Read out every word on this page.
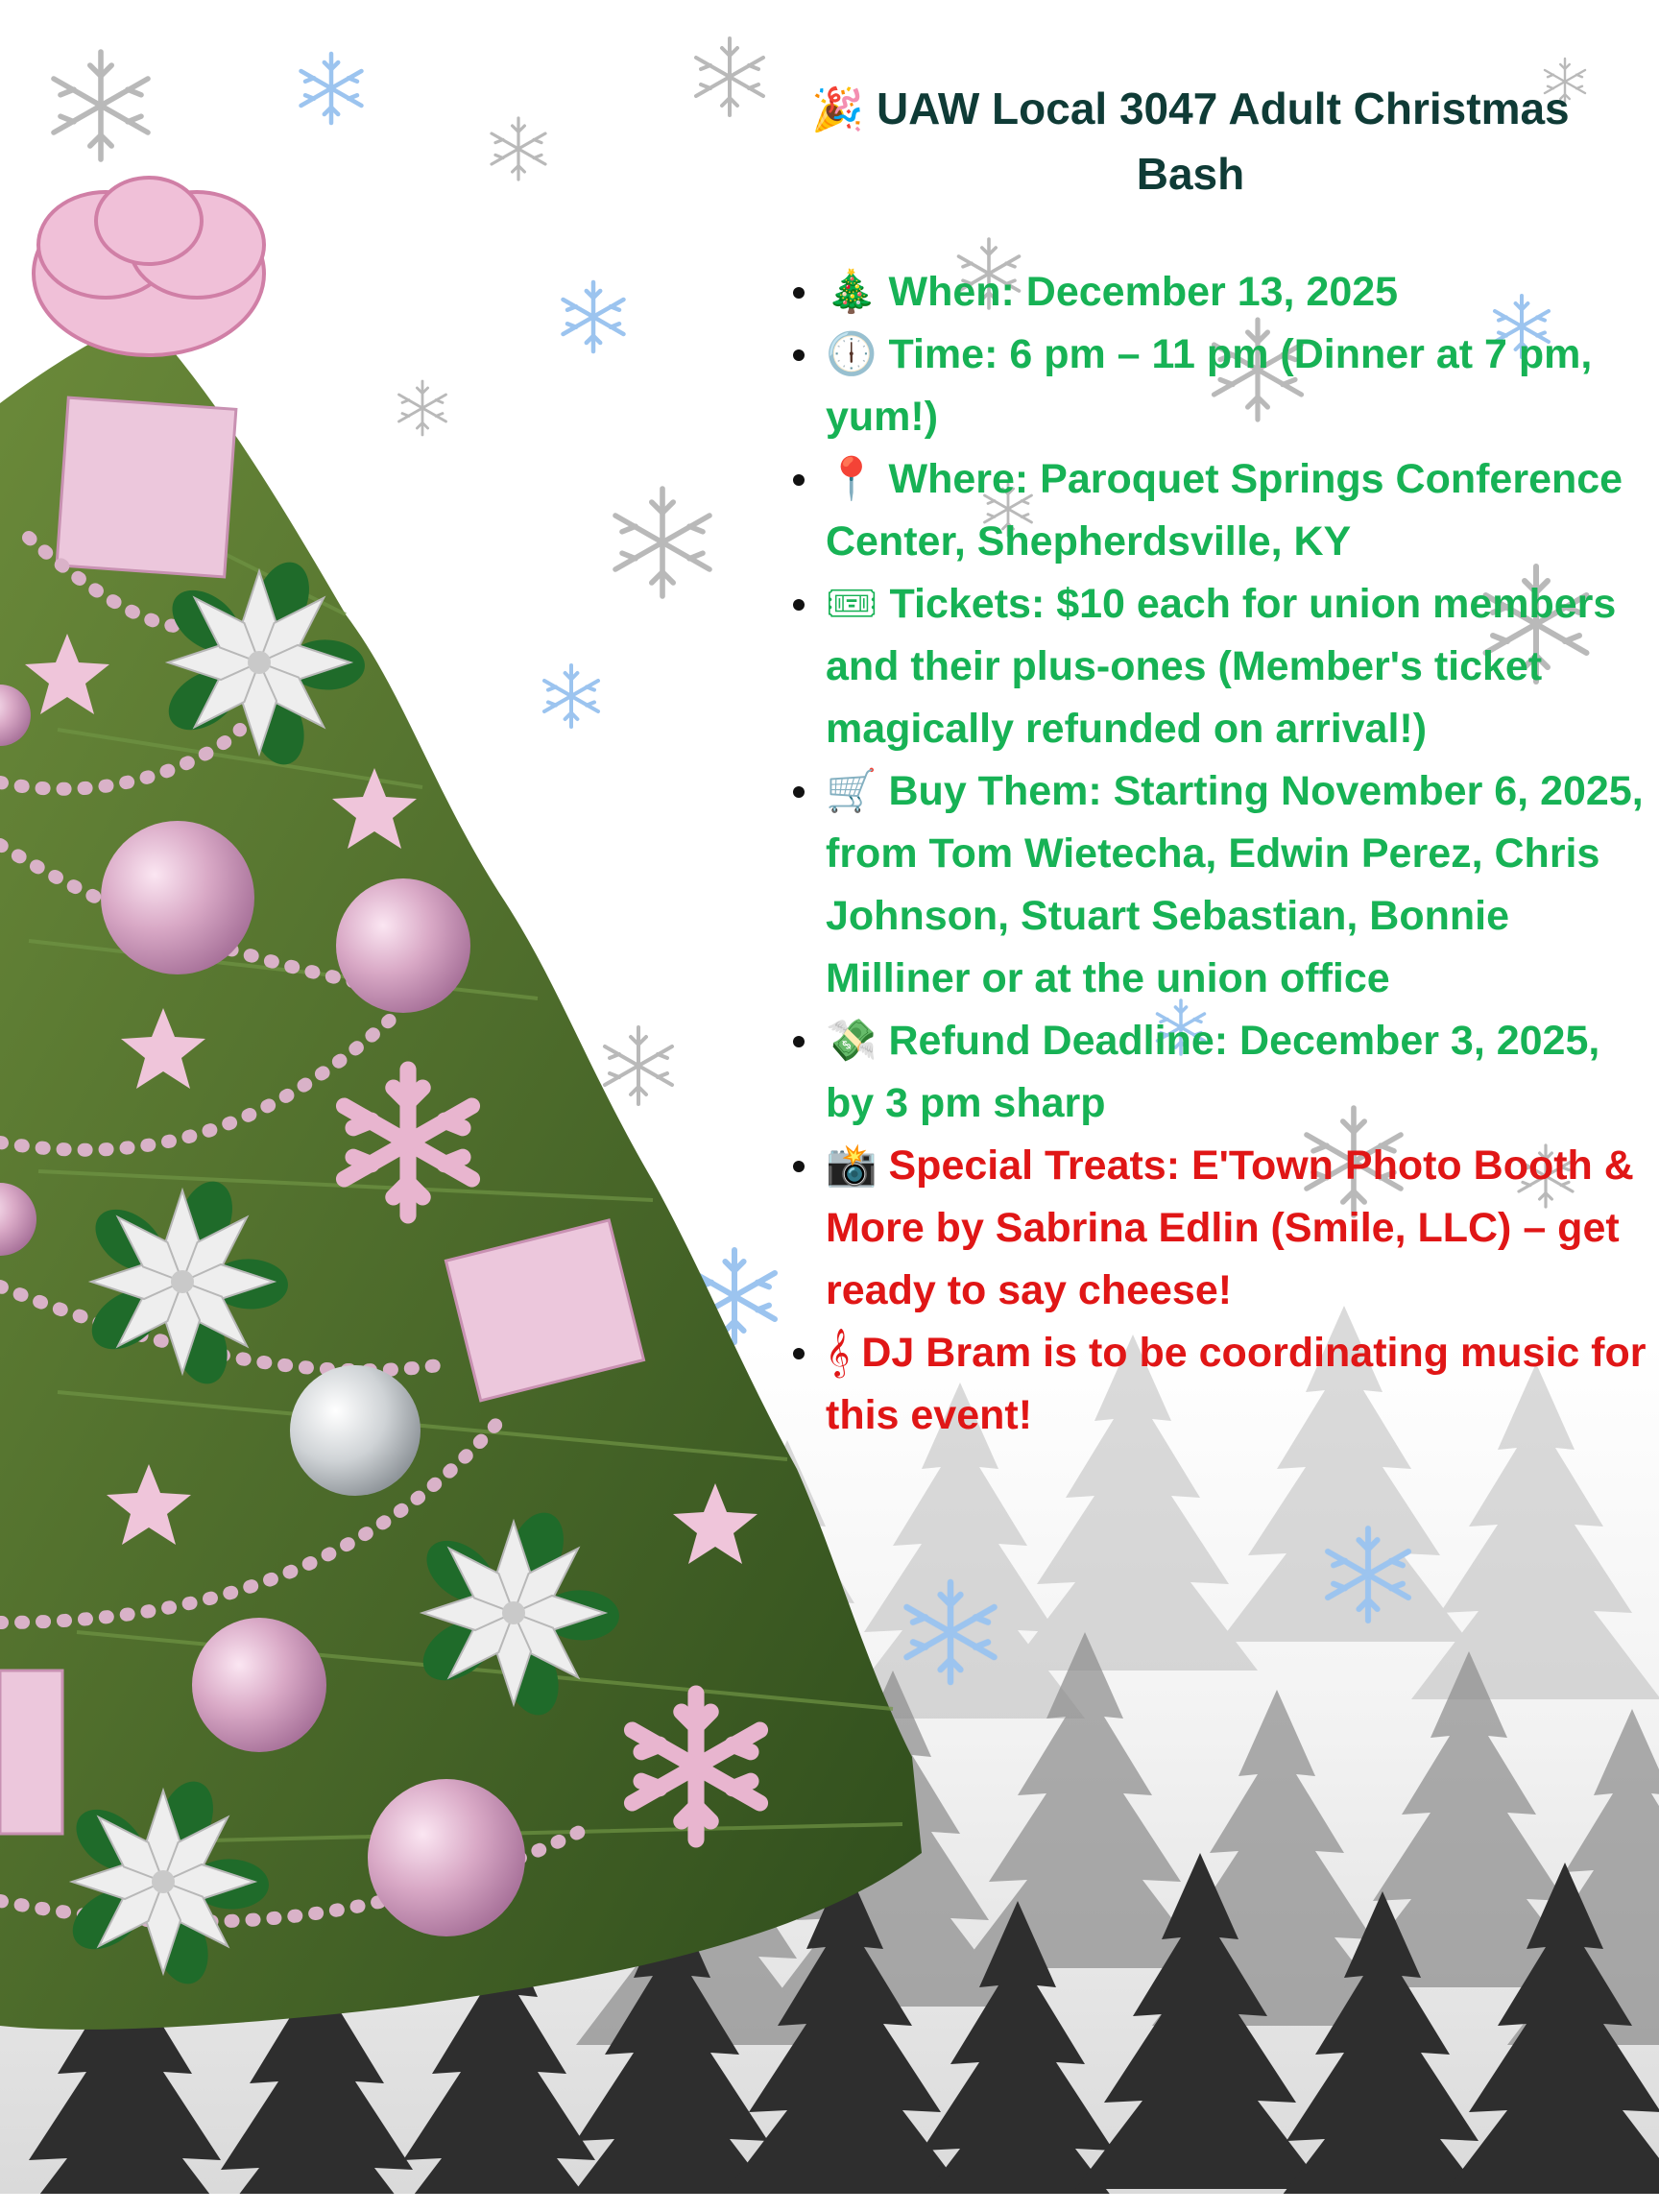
🎉 UAW Local 3047 Adult Christmas Bash
🎄 When: December 13, 2025
🕕 Time: 6 pm – 11 pm (Dinner at 7 pm, yum!)
📍 Where: Paroquet Springs Conference Center, Shepherdsville, KY
🎟 Tickets: $10 each for union members and their plus-ones (Member's ticket magically refunded on arrival!)
🛒 Buy Them: Starting November 6, 2025, from Tom Wietecha, Edwin Perez, Chris Johnson, Stuart Sebastian, Bonnie Milliner or at the union office
💸 Refund Deadline: December 3, 2025, by 3 pm sharp
📸 Special Treats: E'Town Photo Booth & More by Sabrina Edlin (Smile, LLC) – get ready to say cheese!
𝄞 DJ Bram is to be coordinating music for this event!
